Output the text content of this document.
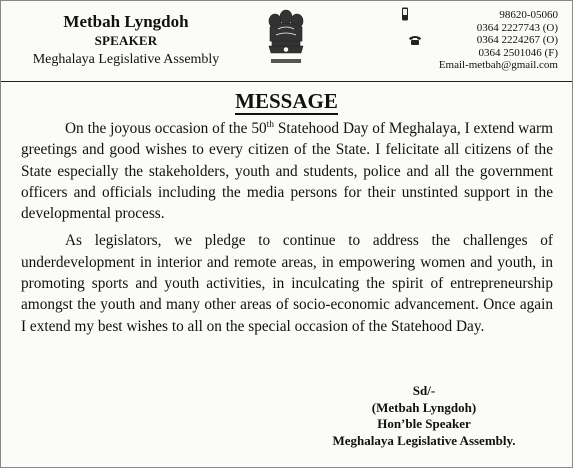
Metbah Lyngdoh
SPEAKER
Meghalaya Legislative Assembly
98620-05060
0364 2227743 (O)
0364 2224267 (O)
0364 2501046 (F)
Email-metbah@gmail.com
MESSAGE

On the joyous occasion of the 50th Statehood Day of Meghalaya, I extend warm greetings and good wishes to every citizen of the State. I felicitate all citizens of the State especially the stakeholders, youth and students, police and all the government officers and officials including the media persons for their unstinted support in the developmental process.

As legislators, we pledge to continue to address the challenges of underdevelopment in interior and remote areas, in empowering women and youth, in promoting sports and youth activities, in inculcating the spirit of entrepreneurship amongst the youth and many other areas of socio-economic advancement. Once again I extend my best wishes to all on the special occasion of the Statehood Day.

Sd/-
(Metbah Lyngdoh)
Hon’ble Speaker
Meghalaya Legislative Assembly.
